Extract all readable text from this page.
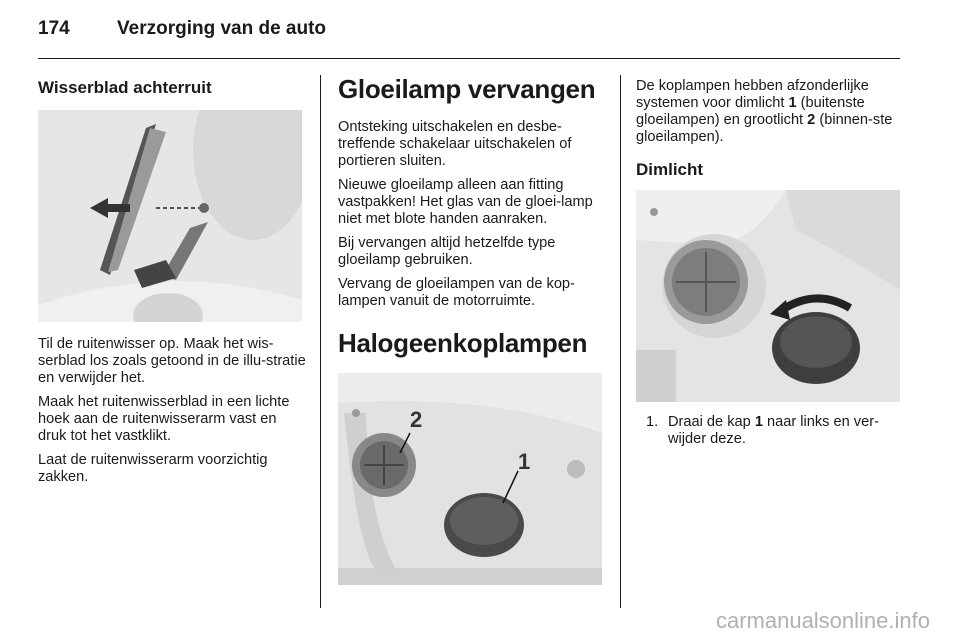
174 Verzorging van de auto
Wisserblad achterruit

Til de ruitenwisser op. Maak het wis-serblad los zoals getoond in de illu-stratie en verwijder het.

Maak het ruitenwisserblad in een lichte hoek aan de ruitenwisserarm vast en druk tot het vastklikt.

Laat de ruitenwisserarm voorzichtig zakken.

Gloeilamp vervangen

Ontsteking uitschakelen en desbe-treffende schakelaar uitschakelen of portieren sluiten.

Nieuwe gloeilamp alleen aan fitting vastpakken! Het glas van de gloei-lamp niet met blote handen aanraken.

Bij vervangen altijd hetzelfde type gloeilamp gebruiken.

Vervang de gloeilampen van de kop-lampen vanuit de motorruimte.

Halogeenkoplampen
2
1

De koplampen hebben afzonderlijke systemen voor dimlicht 1 (buitenste gloeilampen) en grootlicht 2 (binnen-ste gloeilampen).

Dimlicht
1. Draai de kap 1 naar links en ver-wijder deze.
carmanualsonline.info
